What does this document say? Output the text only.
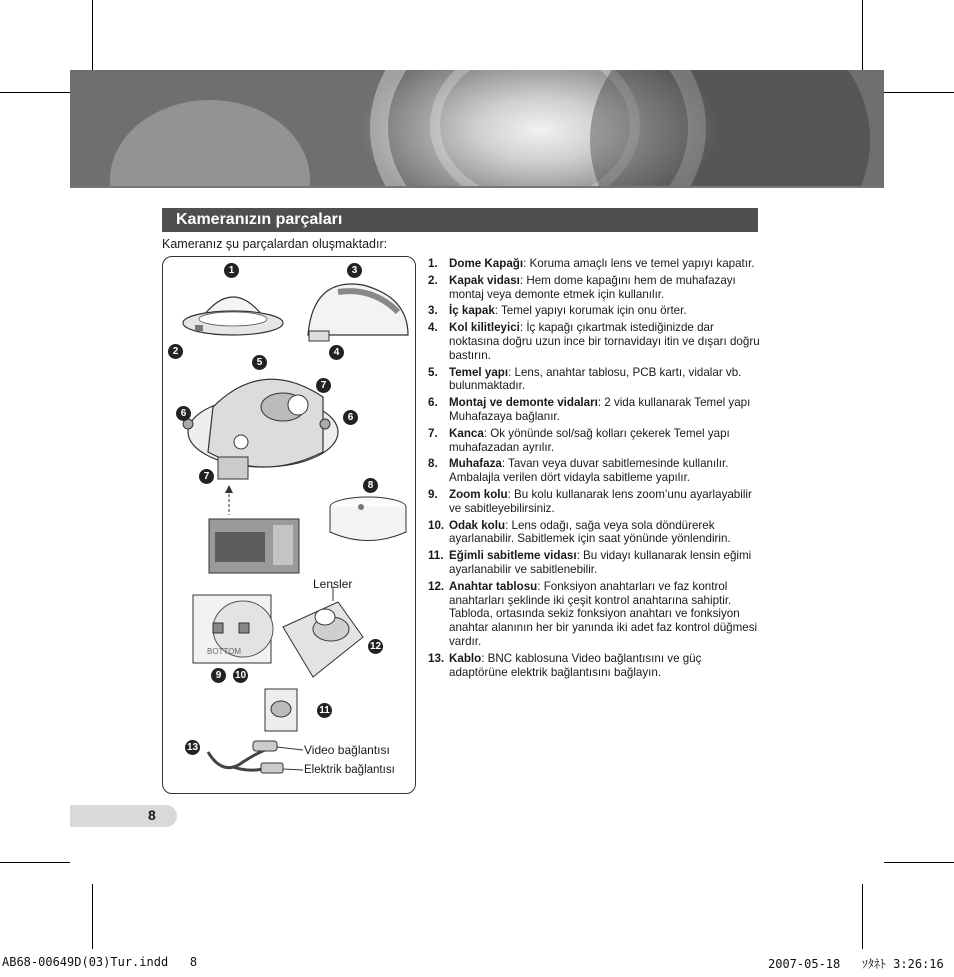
Kameranızın parçaları
Kameranız şu parçalardan oluşmaktadır:
BOTTOM
1
2
3
4
5
6	6
7
7
8
9	10
11
12
13
Lensler
Video bağlantısı
Elektrik bağlantısı
1. Dome Kapağı: Koruma amaçlı lens ve temel yapıyı kapatır.
2. Kapak vidası: Hem dome kapağını hem de muhafazayı montaj veya demonte etmek için kullanılır.
3. İç kapak: Temel yapıyı korumak için onu örter.
4. Kol kilitleyici: İç kapağı çıkartmak istediğinizde dar noktasına doğru uzun ince bir tornavidayı itin ve dışarı doğru bastırın.
5. Temel yapı: Lens, anahtar tablosu, PCB kartı, vidalar vb. bulunmaktadır.
6. Montaj ve demonte vidaları: 2 vida kullanarak Temel yapı Muhafazaya bağlanır.
7. Kanca: Ok yönünde sol/sağ kolları çekerek Temel yapı muhafazadan ayrılır.
8. Muhafaza: Tavan veya duvar sabitlemesinde kullanılır. Ambalajla verilen dört vidayla sabitleme yapılır.
9. Zoom kolu: Bu kolu kullanarak lens zoom’unu ayarlayabilir ve sabitleyebilirsiniz.
10. Odak kolu: Lens odağı, sağa veya sola döndürerek ayarlanabilir. Sabitlemek için saat yönünde yönlendirin.
11. Eğimli sabitleme vidası: Bu vidayı kullanarak lensin eğimi ayarlanabilir ve sabitlenebilir.
12. Anahtar tablosu: Fonksiyon anahtarları ve faz kontrol anahtarları şeklinde iki çeşit kontrol anahtarına sahiptir. Tabloda, ortasında sekiz fonksiyon anahtarı ve fonksiyon anahtar alanının her bir yanında iki adet faz kontrol düğmesi vardır.
13. Kablo: BNC kablosuna Video bağlantısını ve güç adaptörüne elektrik bağlantısını bağlayın.
8
AB68-00649D(03)Tur.indd   8	2007-05-18   ｿﾀﾈﾄ 3:26:16
